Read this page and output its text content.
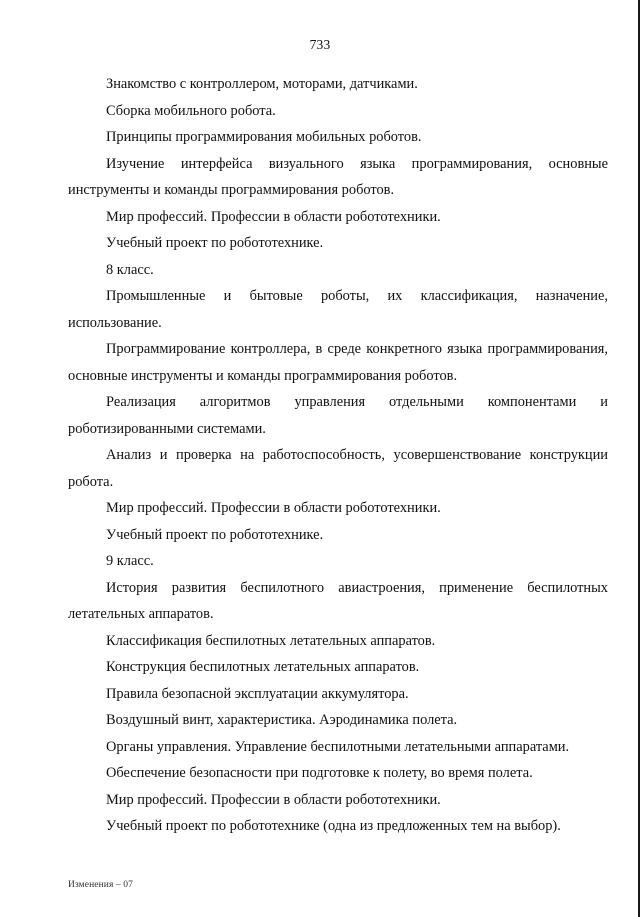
733

Знакомство с контроллером, моторами, датчиками.

Сборка мобильного робота.

Принципы программирования мобильных роботов.

Изучение интерфейса визуального языка программирования, основные инструменты и команды программирования роботов.

Мир профессий. Профессии в области робототехники.

Учебный проект по робототехнике.

8 класс.

Промышленные и бытовые роботы, их классификация, назначение, использование.

Программирование контроллера, в среде конкретного языка программирования, основные инструменты и команды программирования роботов.

Реализация алгоритмов управления отдельными компонентами и роботизированными системами.

Анализ и проверка на работоспособность, усовершенствование конструкции робота.

Мир профессий. Профессии в области робототехники.

Учебный проект по робототехнике.

9 класс.

История развития беспилотного авиастроения, применение беспилотных летательных аппаратов.

Классификация беспилотных летательных аппаратов.

Конструкция беспилотных летательных аппаратов.

Правила безопасной эксплуатации аккумулятора.

Воздушный винт, характеристика. Аэродинамика полета.

Органы управления. Управление беспилотными летательными аппаратами.

Обеспечение безопасности при подготовке к полету, во время полета.

Мир профессий. Профессии в области робототехники.

Учебный проект по робототехнике (одна из предложенных тем на выбор).

Изменения – 07
